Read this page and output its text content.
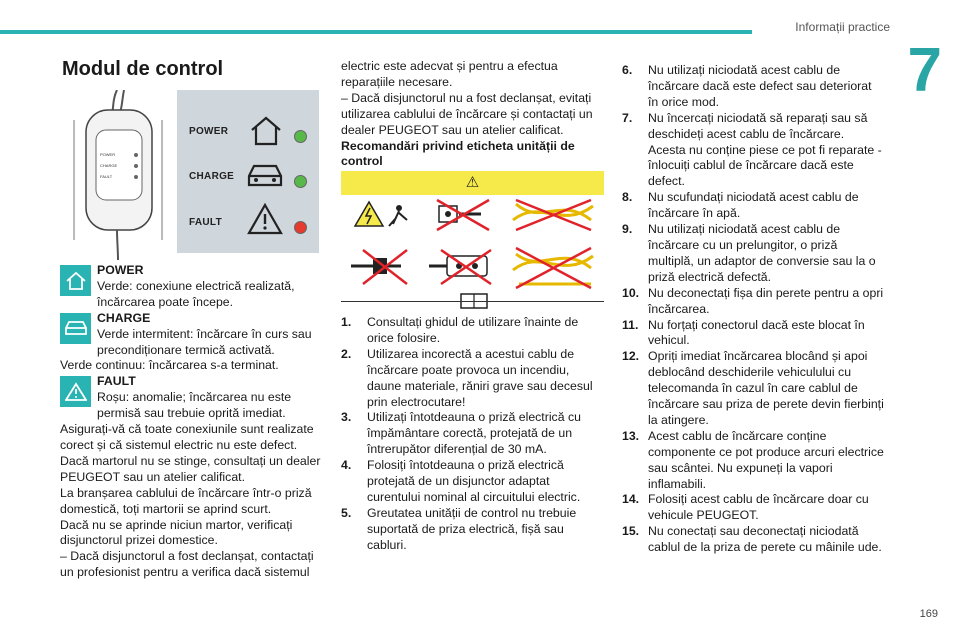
Informații practice
7
169
Modul de control
POWER
CHARGE
FAULT
POWER
CHARGE
FAULT

POWER

Verde: conexiune electrică realizată, încărcarea poate începe.

CHARGE

Verde intermitent: încărcare în curs sau precondiționare termică activată.

Verde continuu: încărcarea s-a terminat.

FAULT

Roșu: anomalie; încărcarea nu este permisă sau trebuie oprită imediat. Asigurați-vă că toate conexiunile sunt realizate corect și că sistemul electric nu este defect.

Dacă martorul nu se stinge, consultați un dealer PEUGEOT sau un atelier calificat.

La branșarea cablului de încărcare într-o priză domestică, toți martorii se aprind scurt.

Dacă nu se aprinde niciun martor, verificați disjunctorul prizei domestice.

– Dacă disjunctorul a fost declanșat, contactați un profesionist pentru a verifica dacă sistemul

electric este adecvat și pentru a efectua reparațiile necesare.

– Dacă disjunctorul nu a fost declanșat, evitați utilizarea cablului de încărcare și contactați un dealer PEUGEOT sau un atelier calificat.

Recomandări privind eticheta unității de control

⚠
1.	Consultați ghidul de utilizare înainte de orice folosire.
2.	Utilizarea incorectă a acestui cablu de încărcare poate provoca un incendiu, daune materiale, răniri grave sau decesul prin electrocutare!
3.	Utilizați întotdeauna o priză electrică cu împământare corectă, protejată de un întrerupător diferențial de 30 mA.
4.	Folosiți întotdeauna o priză electrică protejată de un disjunctor adaptat curentului nominal al circuitului electric.
5.	Greutatea unității de control nu trebuie suportată de priza electrică, fișă sau cabluri.
6.	Nu utilizați niciodată acest cablu de încărcare dacă este defect sau deteriorat în orice mod.
7.	Nu încercați niciodată să reparați sau să deschideți acest cablu de încărcare. Acesta nu conține piese ce pot fi reparate - înlocuiți cablul de încărcare dacă este defect.
8.	Nu scufundați niciodată acest cablu de încărcare în apă.
9.	Nu utilizați niciodată acest cablu de încărcare cu un prelungitor, o priză multiplă, un adaptor de conversie sau la o priză electrică defectă.
10. Nu deconectați fișa din perete pentru a opri încărcarea.
11. Nu forțați conectorul dacă este blocat în vehicul.
12. Opriți imediat încărcarea blocând și apoi deblocând deschiderile vehiculului cu telecomanda în cazul în care cablul de încărcare sau priza de perete devin fierbinți la atingere.
13. Acest cablu de încărcare conține componente ce pot produce arcuri electrice sau scântei. Nu expuneți la vapori inflamabili.
14. Folosiți acest cablu de încărcare doar cu vehicule PEUGEOT.
15. Nu conectați sau deconectați niciodată cablul de la priza de perete cu mâinile ude.
